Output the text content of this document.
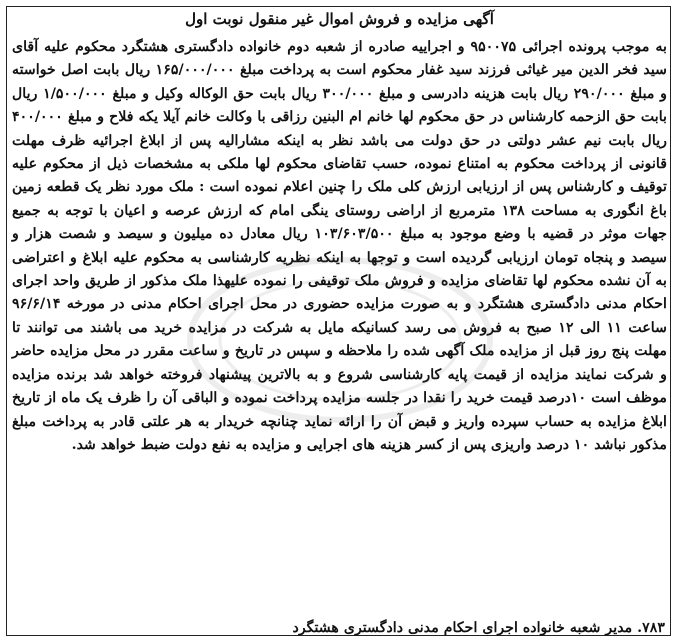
آگهی مزایده و فروش اموال غیر منقول نوبت اول

به موجب پرونده اجرائی ۹۵۰۰۷۵ و اجراییه صادره از شعبه دوم خانواده دادگستری هشتگرد محکوم علیه آقای سید فخر الدین میر غیاثی فرزند سید غفار محکوم است به پرداخت مبلغ ۱۶۵/۰۰۰/۰۰۰ ریال بابت اصل خواسته و مبلغ ۲۹۰/۰۰۰ ریال بابت هزینه دادرسی و مبلغ ۳۰۰/۰۰۰ ریال بابت حق الوکاله وکیل و مبلغ ۱/۵۰۰/۰۰۰ ریال بابت حق الزحمه کارشناس در حق محکوم لها خانم ام البنین رزاقی با وکالت خانم آیلا یکه فلاح و مبلغ ۴۰۰/۰۰۰ ریال بابت نیم عشر دولتی در حق دولت می باشد نظر به اینکه مشارالیه پس از ابلاغ اجرائیه ظرف مهلت قانونی از پرداخت محکوم به امتناع نموده، حسب تقاضای محکوم لها ملکی به مشخصات ذیل از محکوم علیه توقیف و کارشناس پس از ارزیابی ارزش کلی ملک را چنین اعلام نموده است : ملک مورد نظر یک قطعه زمین باغ انگوری به مساحت ۱۳۸ مترمربع از اراضی روستای ینگی امام که ارزش عرصه و اعیان با توجه به جمیع جهات موثر در قضیه با وضع موجود به مبلغ ۱۰۳/۶۰۳/۵۰۰ ریال معادل ده میلیون و سیصد و شصت هزار و سیصد و پنجاه تومان ارزیابی گردیده است و توجها به اینکه نظریه کارشناسی به محکوم علیه ابلاغ و اعتراضی به آن نشده محکوم لها تقاضای مزایده و فروش ملک توقیفی را نموده علیهذا ملک مذکور از طریق واحد اجرای احکام مدنی دادگستری هشتگرد و به صورت مزایده حضوری در محل اجرای احکام مدنی در مورخه ۹۶/۶/۱۴ ساعت ۱۱ الی ۱۲ صبح به فروش می رسد کسانیکه مایل به شرکت در مزایده خرید می باشند می توانند تا مهلت پنج روز قبل از مزایده ملک آگهی شده را ملاحظه و سپس در تاریخ و ساعت مقرر در محل مزایده حاضر و شرکت نمایند مزایده از قیمت پایه کارشناسی شروع و به بالاترین پیشنهاد فروخته خواهد شد برنده مزایده موظف است ۱۰درصد قیمت خرید را نقدا در جلسه مزایده پرداخت نموده و الباقی آن را ظرف یک ماه از تاریخ ابلاغ مزایده به حساب سپرده واریز و قبض آن را ارائه نماید چنانچه خریدار به هر علتی قادر به پرداخت مبلغ مذکور نباشد ۱۰ درصد واریزی پس از کسر هزینه های اجرایی و مزایده به نفع دولت ضبط خواهد شد.

۷۸۳. مدیر شعبه خانواده اجرای احکام مدنی دادگستری هشتگرد
